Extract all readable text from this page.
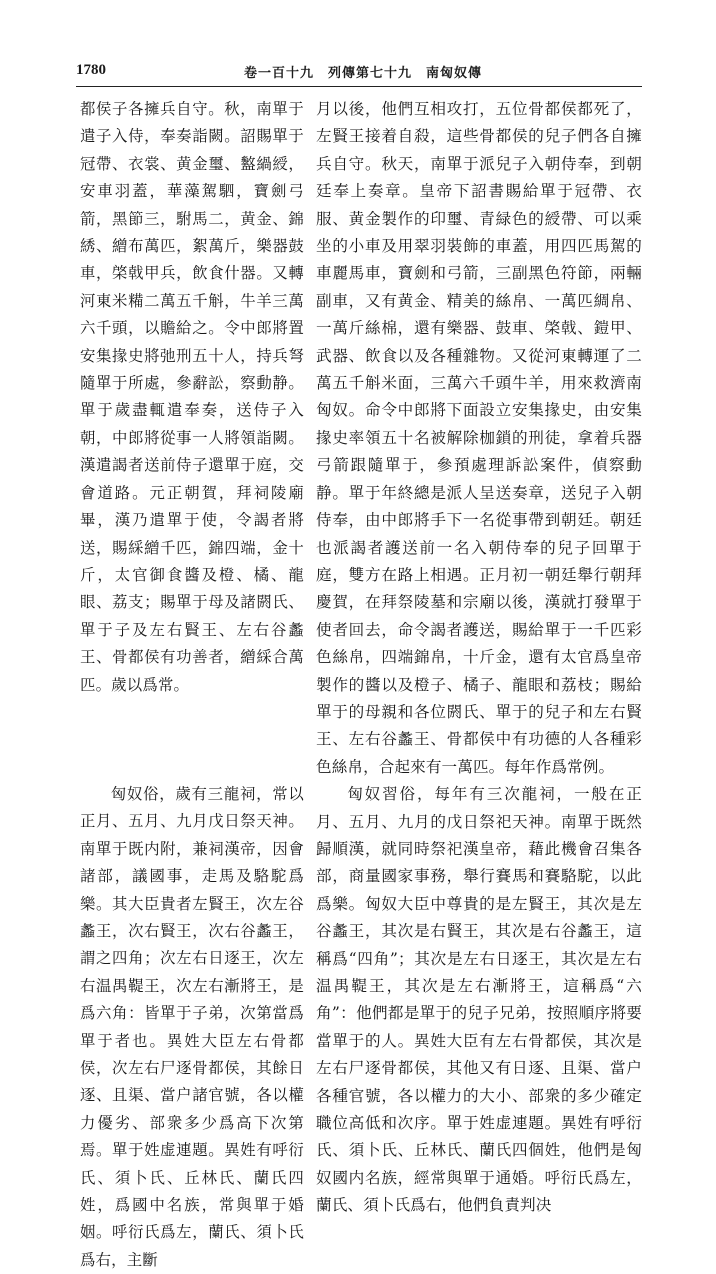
1780	卷一百十九　列傳第七十九　南匈奴傳

都侯子各擁兵自守。秋，南單于遣子入侍，奉奏詣闕。詔賜單于冠帶、衣裳、黄金璽、盭緺綬，安車羽蓋，華藻駕駟，寶劍弓箭，黑節三，駙馬二，黄金、錦綉、繒布萬匹，絮萬斤，樂器鼓車，棨戟甲兵，飲食什器。又轉河東米糒二萬五千斛，牛羊三萬六千頭，以贍給之。令中郎將置安集掾史將弛刑五十人，持兵弩隨單于所處，參辭訟，察動静。單于歲盡輒遣奉奏，送侍子入朝，中郎將從事一人將領詣闕。漢遣謁者送前侍子還單于庭，交會道路。元正朝賀，拜祠陵廟畢，漢乃遣單于使，令謁者將送，賜綵繒千匹，錦四端，金十斤，太官御食醬及橙、橘、龍眼、荔支；賜單于母及諸閼氏、單于子及左右賢王、左右谷蠡王、骨都侯有功善者，繒綵合萬匹。歲以爲常。

匈奴俗，歲有三龍祠，常以正月、五月、九月戊日祭天神。南單于既内附，兼祠漢帝，因會諸部，議國事，走馬及駱駝爲樂。其大臣貴者左賢王，次左谷蠡王，次右賢王，次右谷蠡王，謂之四角；次左右日逐王，次左右温禺鞮王，次左右漸將王，是爲六角：皆單于子弟，次第當爲單于者也。異姓大臣左右骨都侯，次左右尸逐骨都侯，其餘日逐、且渠、當户諸官號，各以權力優劣、部衆多少爲高下次第焉。單于姓虚連題。異姓有呼衍氏、須卜氏、丘林氏、蘭氏四姓，爲國中名族，常與單于婚姻。呼衍氏爲左，蘭氏、須卜氏爲右，主斷

月以後，他們互相攻打，五位骨都侯都死了，左賢王接着自殺，這些骨都侯的兒子們各自擁兵自守。秋天，南單于派兒子入朝侍奉，到朝廷奉上奏章。皇帝下詔書賜給單于冠帶、衣服、黄金製作的印璽、青緑色的綬帶、可以乘坐的小車及用翠羽裝飾的車蓋，用四匹馬駕的車麗馬車，寶劍和弓箭，三副黑色符節，兩輛副車，又有黄金、精美的絲帛、一萬匹綢帛、一萬斤絲棉，還有樂器、鼓車、棨戟、鎧甲、武器、飲食以及各種雜物。又從河東轉運了二萬五千斛米面，三萬六千頭牛羊，用來救濟南匈奴。命令中郎將下面設立安集掾史，由安集掾史率領五十名被解除枷鎖的刑徒，拿着兵器弓箭跟隨單于，參預處理訴訟案件，偵察動静。單于年終總是派人呈送奏章，送兒子入朝侍奉，由中郎將手下一名從事帶到朝廷。朝廷也派謁者護送前一名入朝侍奉的兒子回單于庭，雙方在路上相遇。正月初一朝廷舉行朝拜慶賀，在拜祭陵墓和宗廟以後，漢就打發單于使者回去，命令謁者護送，賜給單于一千匹彩色絲帛，四端錦帛，十斤金，還有太官爲皇帝製作的醬以及橙子、橘子、龍眼和荔枝；賜給單于的母親和各位閼氏、單于的兒子和左右賢王、左右谷蠡王、骨都侯中有功德的人各種彩色絲帛，合起來有一萬匹。每年作爲常例。

匈奴習俗，每年有三次龍祠，一般在正月、五月、九月的戊日祭祀天神。南單于既然歸順漢，就同時祭祀漢皇帝，藉此機會召集各部，商量國家事務，舉行賽馬和賽駱駝，以此爲樂。匈奴大臣中尊貴的是左賢王，其次是左谷蠡王，其次是右賢王，其次是右谷蠡王，這稱爲“四角”；其次是左右日逐王，其次是左右温禺鞮王，其次是左右漸將王，這稱爲“六角”：他們都是單于的兒子兄弟，按照順序將要當單于的人。異姓大臣有左右骨都侯，其次是左右尸逐骨都侯，其他又有日逐、且渠、當户各種官號，各以權力的大小、部衆的多少確定職位高低和次序。單于姓虚連題。異姓有呼衍氏、須卜氏、丘林氏、蘭氏四個姓，他們是匈奴國内名族，經常與單于通婚。呼衍氏爲左，蘭氏、須卜氏爲右，他們負責判决
